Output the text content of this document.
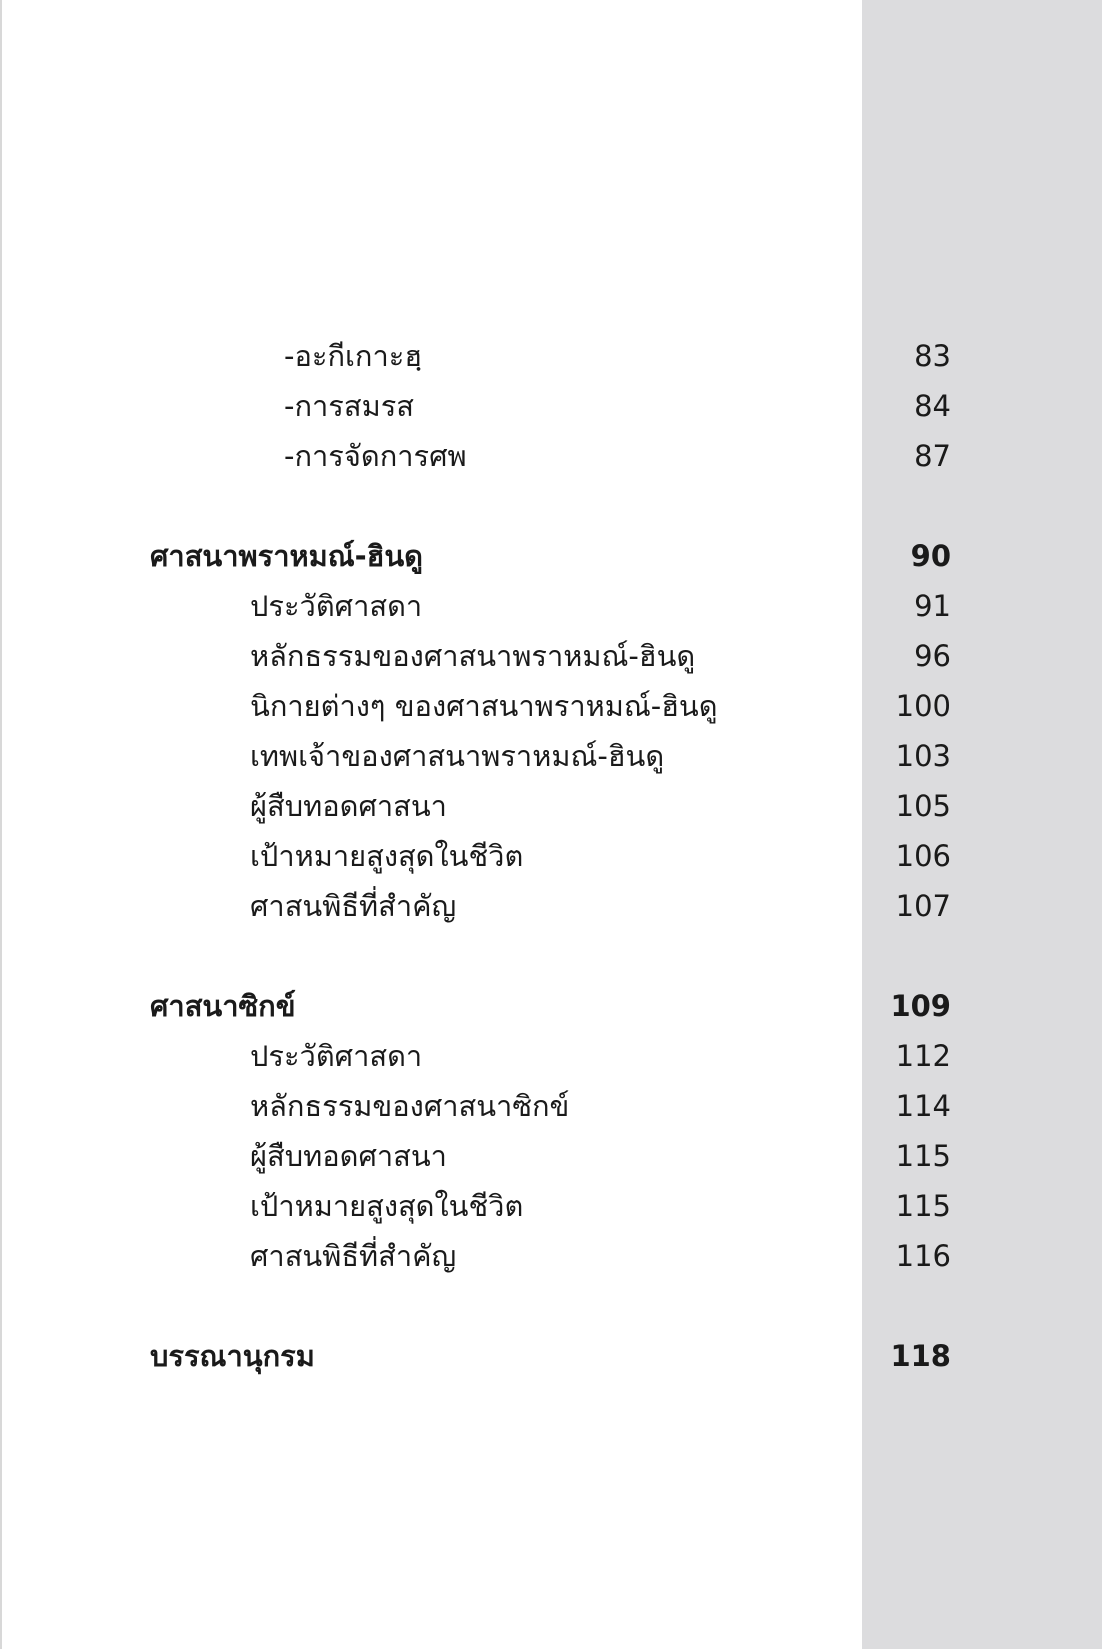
-อะกีเกาะฮฺ	83
-การสมรส	84
-การจัดการศพ	87
ศาสนาพราหมณ์-ฮินดู	90
ประวัติศาสดา	91
หลักธรรมของศาสนาพราหมณ์-ฮินดู	96
นิกายต่างๆ ของศาสนาพราหมณ์-ฮินดู	100
เทพเจ้าของศาสนาพราหมณ์-ฮินดู	103
ผู้สืบทอดศาสนา	105
เป้าหมายสูงสุดในชีวิต	106
ศาสนพิธีที่สำคัญ	107
ศาสนาซิกข์	109
ประวัติศาสดา	112
หลักธรรมของศาสนาซิกข์	114
ผู้สืบทอดศาสนา	115
เป้าหมายสูงสุดในชีวิต	115
ศาสนพิธีที่สำคัญ	116
บรรณานุกรม	118
